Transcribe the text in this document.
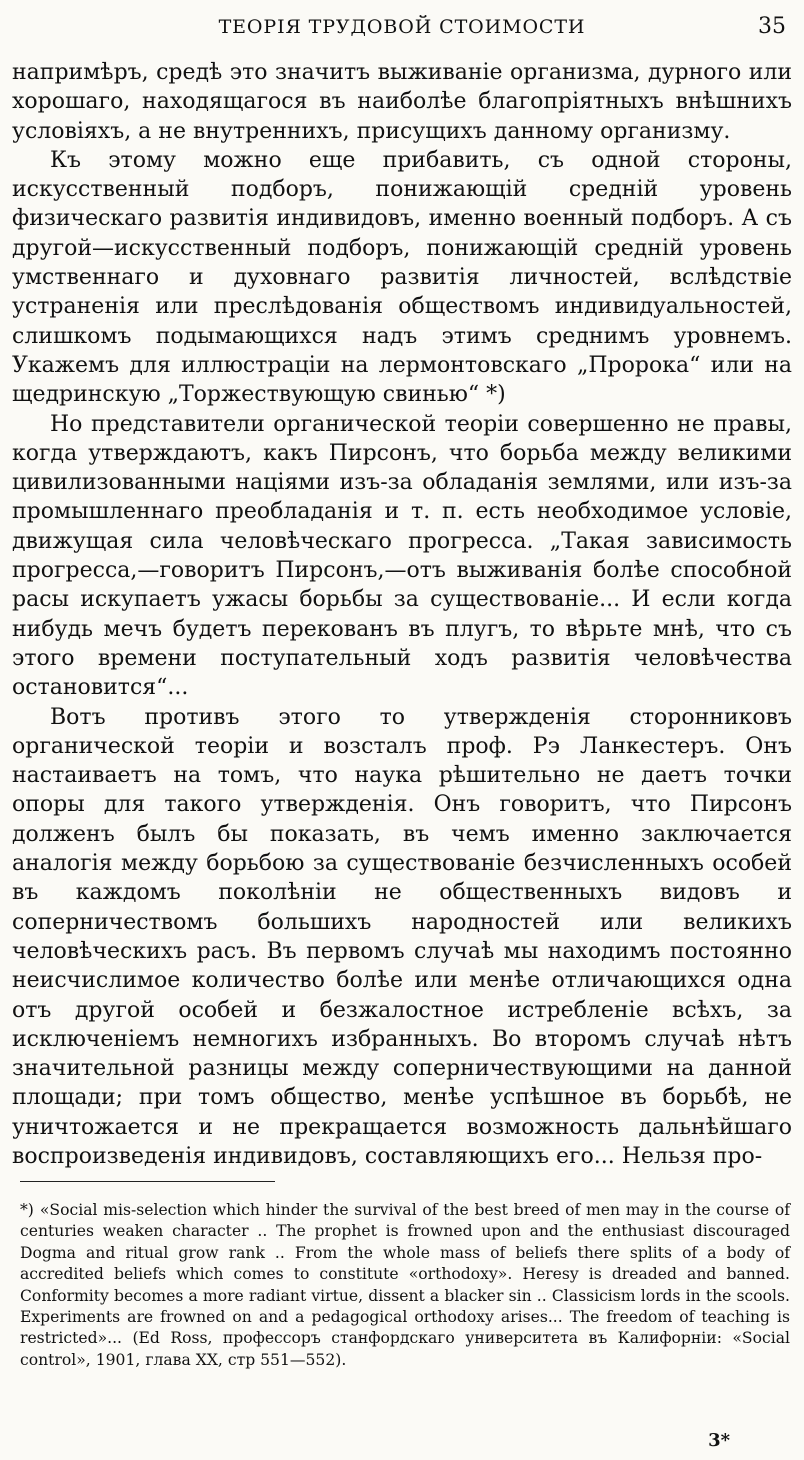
ТЕОРІЯ ТРУДОВОЙ СТОИМОСТИ	35

напримѣръ, средѣ это значитъ выживаніе организма, дурного или хорошаго, находящагося въ наиболѣе благопріятныхъ внѣшнихъ условіяхъ, а не внутреннихъ, присущихъ данному организму.

Къ этому можно еще прибавить, съ одной стороны, искусственный подборъ, понижающій средній уровень физическаго развитія индивидовъ, именно военный подборъ. А съ другой—искусственный подборъ, понижающій средній уровень умственнаго и духовнаго развитія личностей, вслѣдствіе устраненія или преслѣдованія обществомъ индивидуальностей, слишкомъ подымающихся надъ этимъ среднимъ уровнемъ. Укажемъ для иллюстраціи на лермонтовскаго „Пророка“ или на щедринскую „Торжествующую свинью“ *)

Но представители органической теоріи совершенно не правы, когда утверждаютъ, какъ Пирсонъ, что борьба между великими цивилизованными націями изъ-за обладанія землями, или изъ-за промышленнаго преобладанія и т. п. есть необходимое условіе, движущая сила человѣческаго прогресса. „Такая зависимость прогресса,—говоритъ Пирсонъ,—отъ выживанія болѣе способной расы искупаетъ ужасы борьбы за существованіе... И если когда нибудь мечъ будетъ перекованъ въ плугъ, то вѣрьте мнѣ, что съ этого времени поступательный ходъ развитія человѣчества остановится“...

Вотъ противъ этого то утвержденія сторонниковъ органической теоріи и возсталъ проф. Рэ Ланкестеръ. Онъ настаиваетъ на томъ, что наука рѣшительно не даетъ точки опоры для такого утвержденія. Онъ говоритъ, что Пирсонъ долженъ былъ бы показать, въ чемъ именно заключается аналогія между борьбою за существованіе безчисленныхъ особей въ каждомъ поколѣніи не общественныхъ видовъ и соперничествомъ большихъ народностей или великихъ человѣческихъ расъ. Въ первомъ случаѣ мы находимъ постоянно неисчислимое количество болѣе или менѣе отличающихся одна отъ другой особей и безжалостное истребленіе всѣхъ, за исключеніемъ немногихъ избранныхъ. Во второмъ случаѣ нѣтъ значительной разницы между соперничествующими на данной площади; при томъ общество, менѣе успѣшное въ борьбѣ, не уничтожается и не прекращается возможность дальнѣйшаго воспроизведенія индивидовъ, составляющихъ его... Нельзя про-

*) «Social mis-selection which hinder the survival of the best breed of men may in the course of centuries weaken character .. The prophet is frowned upon and the enthusiast discouraged Dogma and ritual grow rank .. From the whole mass of beliefs there splits of a body of accredited beliefs which comes to constitute «orthodoxy». Heresy is dreaded and banned. Conformity becomes a more radiant virtue, dissent a blacker sin .. Classicism lords in the scools. Experiments are frowned on and a pedagogical orthodoxy arises... The freedom of teaching is restricted»... (Ed Ross, профессоръ станфордскаго университета въ Калифорніи: «Social control», 1901, глава XX, стр 551—552).
3*
